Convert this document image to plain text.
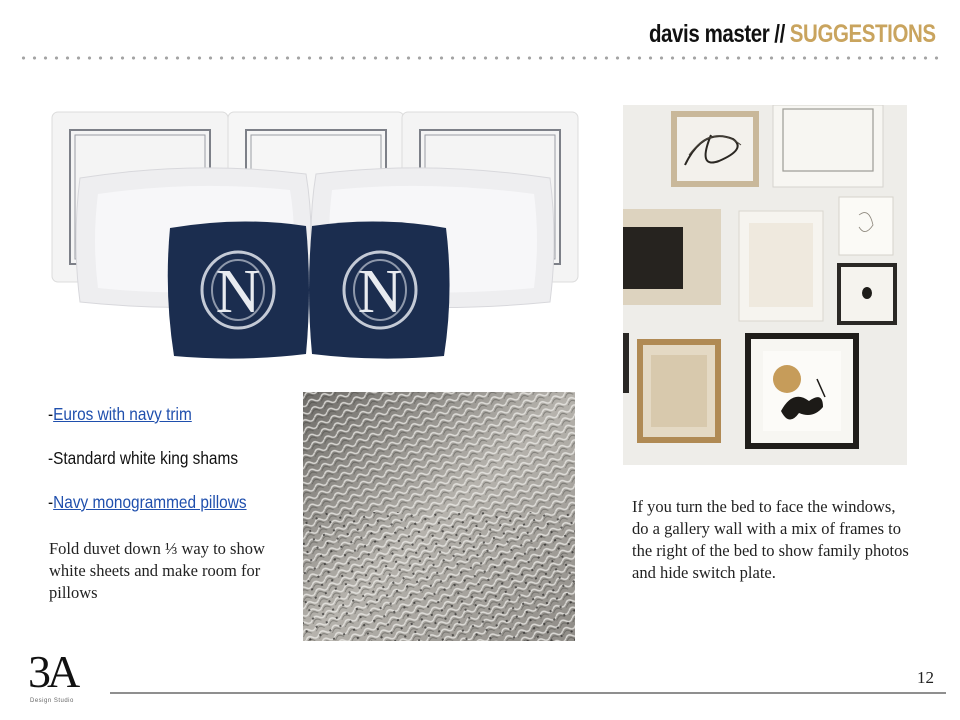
davis master // SUGGESTIONS
N N
-Euros with navy trim
-Standard white king shams
-Navy monogrammed pillows
Fold duvet down ⅓ way to show white sheets and make room for pillows
If you turn the bed to face the windows, do a gallery wall with a mix of frames to the right of the bed to show family photos and hide switch plate.
3A
Design Studio
12
